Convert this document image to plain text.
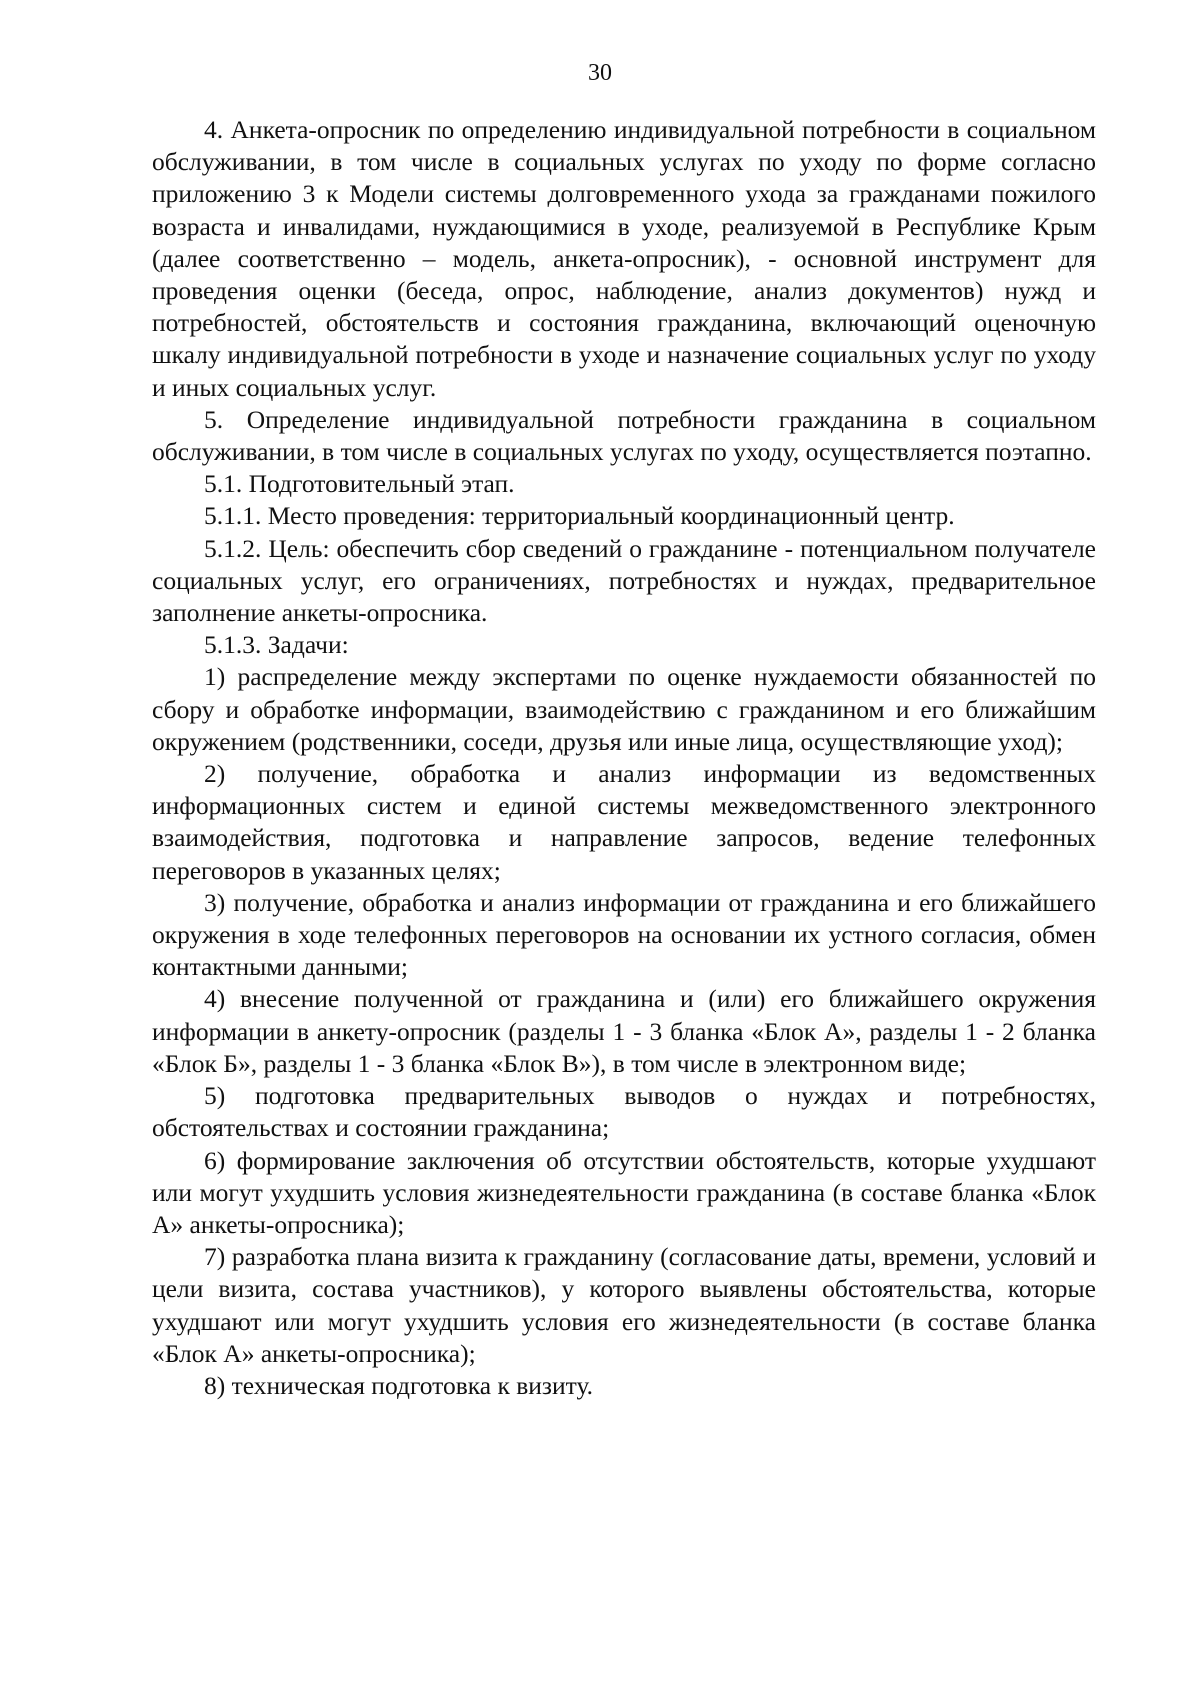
30

4. Анкета-опросник по определению индивидуальной потребности в социальном обслуживании, в том числе в социальных услугах по уходу по форме согласно приложению 3 к Модели системы долговременного ухода за гражданами пожилого возраста и инвалидами, нуждающимися в уходе, реализуемой в Республике Крым (далее соответственно – модель, анкета-опросник), - основной инструмент для проведения оценки (беседа, опрос, наблюдение, анализ документов) нужд и потребностей, обстоятельств и состояния гражданина, включающий оценочную шкалу индивидуальной потребности в уходе и назначение социальных услуг по уходу и иных социальных услуг.

5. Определение индивидуальной потребности гражданина в социальном обслуживании, в том числе в социальных услугах по уходу, осуществляется поэтапно.

5.1. Подготовительный этап.

5.1.1. Место проведения: территориальный координационный центр.

5.1.2. Цель: обеспечить сбор сведений о гражданине - потенциальном получателе социальных услуг, его ограничениях, потребностях и нуждах, предварительное заполнение анкеты-опросника.

5.1.3. Задачи:

1) распределение между экспертами по оценке нуждаемости обязанностей по сбору и обработке информации, взаимодействию с гражданином и его ближайшим окружением (родственники, соседи, друзья или иные лица, осуществляющие уход);

2) получение, обработка и анализ информации из ведомственных информационных систем и единой системы межведомственного электронного взаимодействия, подготовка и направление запросов, ведение телефонных переговоров в указанных целях;

3) получение, обработка и анализ информации от гражданина и его ближайшего окружения в ходе телефонных переговоров на основании их устного согласия, обмен контактными данными;

4) внесение полученной от гражданина и (или) его ближайшего окружения информации в анкету-опросник (разделы 1 - 3 бланка «Блок А», разделы 1 - 2 бланка «Блок Б», разделы 1 - 3 бланка «Блок В»), в том числе в электронном виде;

5) подготовка предварительных выводов о нуждах и потребностях, обстоятельствах и состоянии гражданина;

6) формирование заключения об отсутствии обстоятельств, которые ухудшают или могут ухудшить условия жизнедеятельности гражданина (в составе бланка «Блок А» анкеты-опросника);

7) разработка плана визита к гражданину (согласование даты, времени, условий и цели визита, состава участников), у которого выявлены обстоятельства, которые ухудшают или могут ухудшить условия его жизнедеятельности (в составе бланка «Блок А» анкеты-опросника);

8) техническая подготовка к визиту.
